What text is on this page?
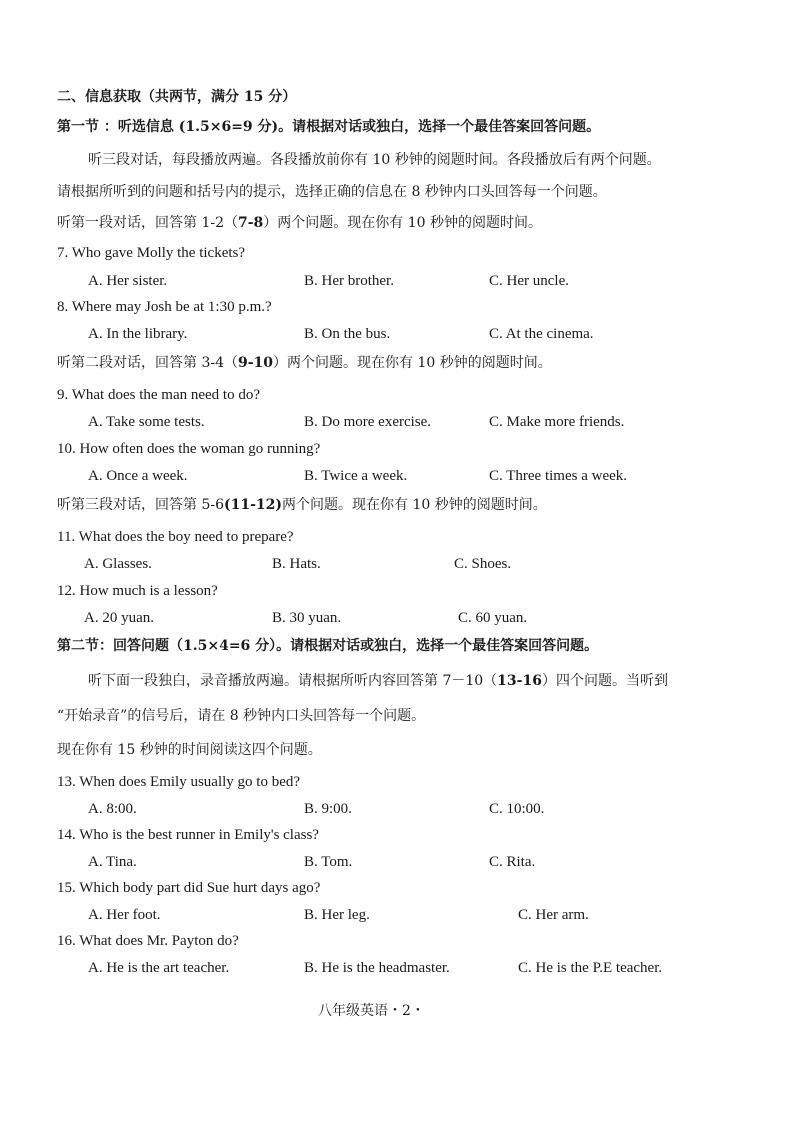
二、信息获取（共两节，满分 15 分）
第一节 ：听选信息 (1.5×6=9 分)。请根据对话或独白，选择一个最佳答案回答问题。
听三段对话，每段播放两遍。各段播放前你有 10 秒钟的阅题时间。各段播放后有两个问题。
请根据所听到的问题和括号内的提示，选择正确的信息在 8 秒钟内口头回答每一个问题。
听第一段对话，回答第 1-2（7-8）两个问题。现在你有 10 秒钟的阅题时间。
7. Who gave Molly the tickets?
A. Her sister.	B. Her brother.	C. Her uncle.
8. Where may Josh be at 1:30 p.m.?
A. In the library.	B. On the bus.	C. At the cinema.
听第二段对话，回答第 3-4（9-10）两个问题。现在你有 10 秒钟的阅题时间。
9. What does the man need to do?
A. Take some tests.	B. Do more exercise.	C. Make more friends.
10. How often does the woman go running?
A. Once a week.	B. Twice a week.	C. Three times a week.
听第三段对话，回答第 5-6(11-12)两个问题。现在你有 10 秒钟的阅题时间。
11. What does the boy need to prepare?
A. Glasses.	B. Hats.	C. Shoes.
12. How much is a lesson?
A. 20 yuan.	B. 30 yuan.	C. 60 yuan.
第二节：回答问题（1.5×4=6 分）。请根据对话或独白，选择一个最佳答案回答问题。
听下面一段独白，录音播放两遍。请根据所听内容回答第 7－10（13-16）四个问题。当听到
“开始录音”的信号后，请在 8 秒钟内口头回答每一个问题。
现在你有 15 秒钟的时间阅读这四个问题。
13. When does Emily usually go to bed?
A. 8:00.	B. 9:00.	C. 10:00.
14. Who is the best runner in Emily's class?
A. Tina.	B. Tom.	C. Rita.
15. Which body part did Sue hurt days ago?
A. Her foot.	B. Her leg.	C. Her arm.
16. What does Mr. Payton do?
A. He is the art teacher.	B. He is the headmaster.	C. He is the P.E teacher.
八年级英语・2・
